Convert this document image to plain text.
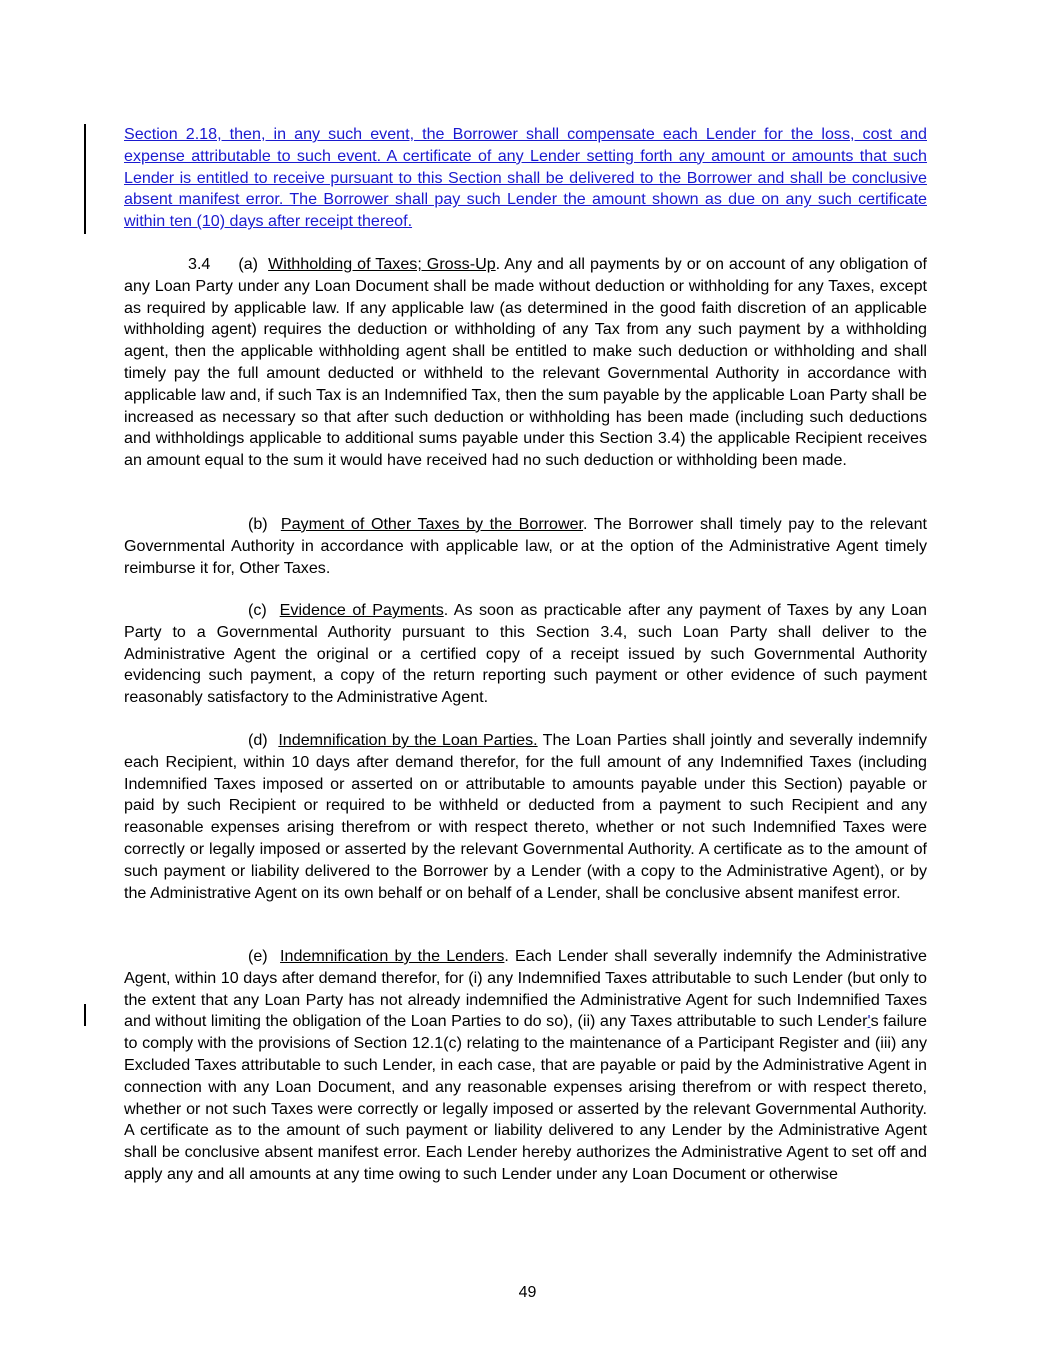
Section 2.18, then, in any such event, the Borrower shall compensate each Lender for the loss, cost and expense attributable to such event. A certificate of any Lender setting forth any amount or amounts that such Lender is entitled to receive pursuant to this Section shall be delivered to the Borrower and shall be conclusive absent manifest error. The Borrower shall pay such Lender the amount shown as due on any such certificate within ten (10) days after receipt thereof.

3.4 (a) Withholding of Taxes; Gross-Up. Any and all payments by or on account of any obligation of any Loan Party under any Loan Document shall be made without deduction or withholding for any Taxes, except as required by applicable law. If any applicable law (as determined in the good faith discretion of an applicable withholding agent) requires the deduction or withholding of any Tax from any such payment by a withholding agent, then the applicable withholding agent shall be entitled to make such deduction or withholding and shall timely pay the full amount deducted or withheld to the relevant Governmental Authority in accordance with applicable law and, if such Tax is an Indemnified Tax, then the sum payable by the applicable Loan Party shall be increased as necessary so that after such deduction or withholding has been made (including such deductions and withholdings applicable to additional sums payable under this Section 3.4) the applicable Recipient receives an amount equal to the sum it would have received had no such deduction or withholding been made.

(b) Payment of Other Taxes by the Borrower. The Borrower shall timely pay to the relevant Governmental Authority in accordance with applicable law, or at the option of the Administrative Agent timely reimburse it for, Other Taxes.

(c) Evidence of Payments. As soon as practicable after any payment of Taxes by any Loan Party to a Governmental Authority pursuant to this Section 3.4, such Loan Party shall deliver to the Administrative Agent the original or a certified copy of a receipt issued by such Governmental Authority evidencing such payment, a copy of the return reporting such payment or other evidence of such payment reasonably satisfactory to the Administrative Agent.

(d) Indemnification by the Loan Parties. The Loan Parties shall jointly and severally indemnify each Recipient, within 10 days after demand therefor, for the full amount of any Indemnified Taxes (including Indemnified Taxes imposed or asserted on or attributable to amounts payable under this Section) payable or paid by such Recipient or required to be withheld or deducted from a payment to such Recipient and any reasonable expenses arising therefrom or with respect thereto, whether or not such Indemnified Taxes were correctly or legally imposed or asserted by the relevant Governmental Authority. A certificate as to the amount of such payment or liability delivered to the Borrower by a Lender (with a copy to the Administrative Agent), or by the Administrative Agent on its own behalf or on behalf of a Lender, shall be conclusive absent manifest error.

(e) Indemnification by the Lenders. Each Lender shall severally indemnify the Administrative Agent, within 10 days after demand therefor, for (i) any Indemnified Taxes attributable to such Lender (but only to the extent that any Loan Party has not already indemnified the Administrative Agent for such Indemnified Taxes and without limiting the obligation of the Loan Parties to do so), (ii) any Taxes attributable to such Lender's failure to comply with the provisions of Section 12.1(c) relating to the maintenance of a Participant Register and (iii) any Excluded Taxes attributable to such Lender, in each case, that are payable or paid by the Administrative Agent in connection with any Loan Document, and any reasonable expenses arising therefrom or with respect thereto, whether or not such Taxes were correctly or legally imposed or asserted by the relevant Governmental Authority. A certificate as to the amount of such payment or liability delivered to any Lender by the Administrative Agent shall be conclusive absent manifest error. Each Lender hereby authorizes the Administrative Agent to set off and apply any and all amounts at any time owing to such Lender under any Loan Document or otherwise

49
